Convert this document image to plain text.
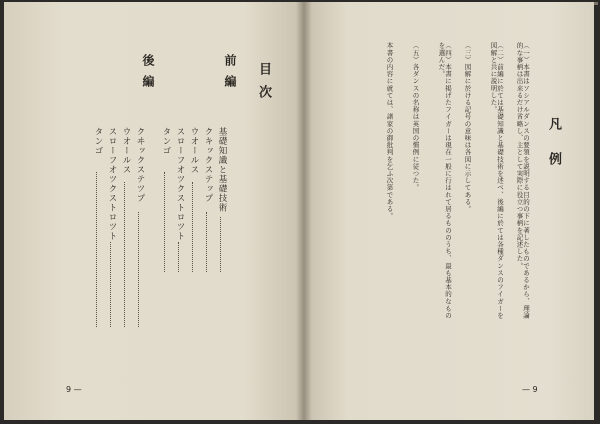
目次
前編
基礎知識と基礎技術
クキックステップ
ウオールス
スローフオツクストロツト
タンゴ
後編
クヰックステツプ
ウオールス
スローフオツクストロツト
タンゴ
9 —
凡例
（一）本書はソシアルダンスの要領を説明する目的の下に著したものであるから、理論的な事柄は出来るだけ省略し、主として実際に役立つ事柄を記述した。
（二）前編に於ては基礎知識と基礎技術を述べ、後編に於ては各種ダンスのフイガーを図解と共に説明した。
（三）図解に於ける記号の意味は各図に示してある。
（四）本書に掲げたフイガーは現在一般に行はれて居るもののうち、最も基本的なものを選んだ。
（五）各ダンスの名称は英国の慣例に従つた。
本書の内容に就ては、諸家の御批判を乞ふ次第である。
— 9
